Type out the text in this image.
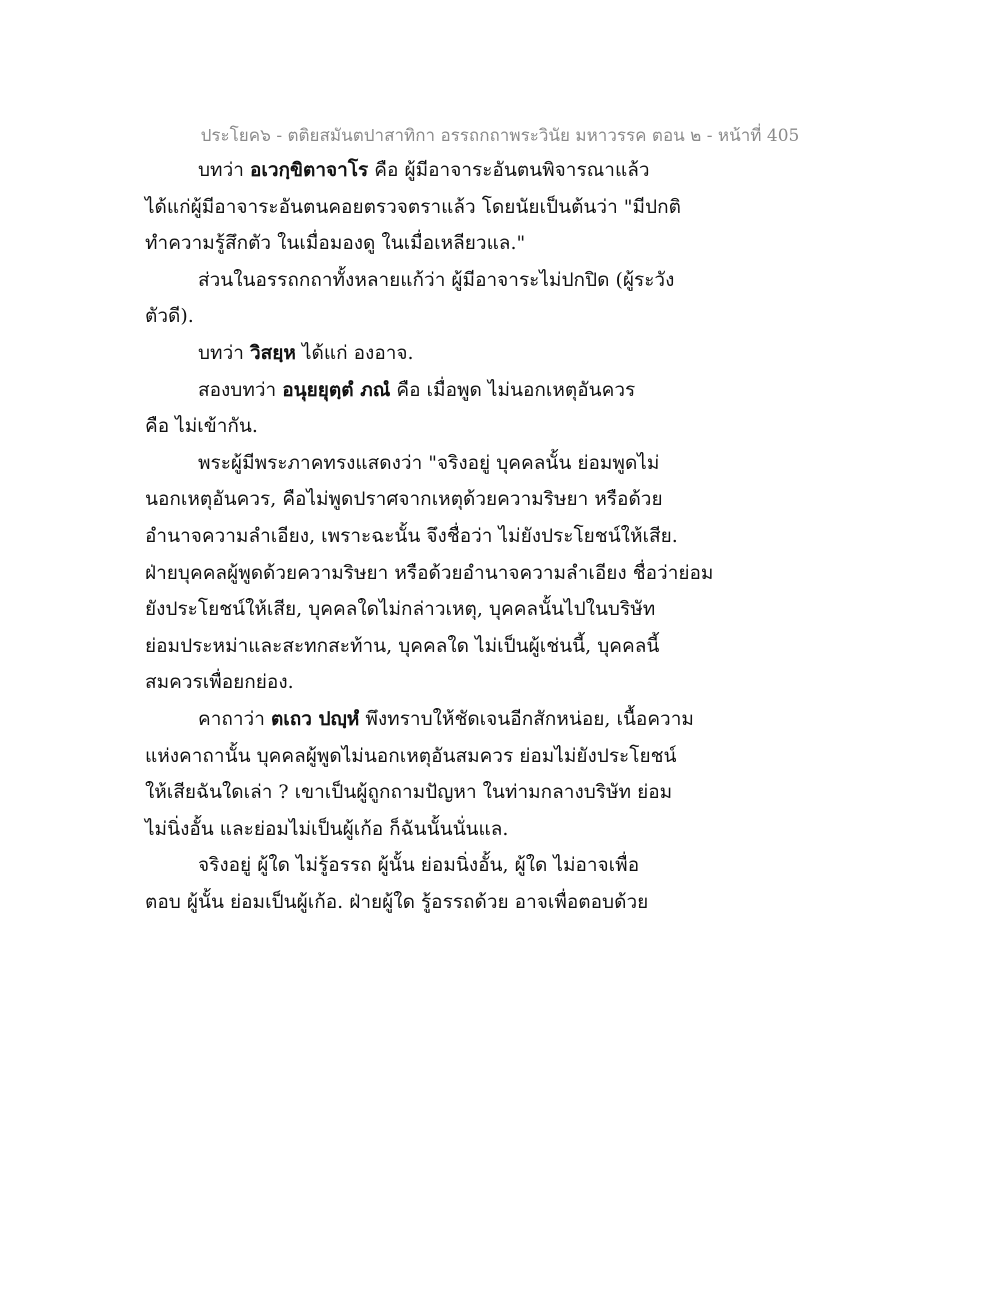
ประโยค๖ - ตติยสมันตปาสาทิกา อรรถกถาพระวินัย มหาวรรค ตอน ๒ - หน้าที่ 405
บทว่า อเวกฺขิตาจาโร คือ ผู้มีอาจาระอันตนพิจารณาแล้ว
ได้แก่ผู้มีอาจาระอันตนคอยตรวจตราแล้ว โดยนัยเป็นต้นว่า "มีปกติ
ทำความรู้สึกตัว ในเมื่อมองดู ในเมื่อเหลียวแล."
ส่วนในอรรถกถาทั้งหลายแก้ว่า ผู้มีอาจาระไม่ปกปิด (ผู้ระวัง
ตัวดี).
บทว่า วิสยฺห ได้แก่ องอาจ.
สองบทว่า อนุยยุตฺตํ ภณํ คือ เมื่อพูด ไม่นอกเหตุอันควร
คือ ไม่เข้ากัน.
พระผู้มีพระภาคทรงแสดงว่า "จริงอยู่ บุคคลนั้น ย่อมพูดไม่
นอกเหตุอันควร, คือไม่พูดปราศจากเหตุด้วยความริษยา หรือด้วย
อำนาจความลำเอียง, เพราะฉะนั้น จึงชื่อว่า ไม่ยังประโยชน์ให้เสีย.
ฝ่ายบุคคลผู้พูดด้วยความริษยา หรือด้วยอำนาจความลำเอียง ชื่อว่าย่อม
ยังประโยชน์ให้เสีย, บุคคลใดไม่กล่าวเหตุ, บุคคลนั้นไปในบริษัท
ย่อมประหม่าและสะทกสะท้าน, บุคคลใด ไม่เป็นผู้เช่นนี้, บุคคลนี้
สมควรเพื่อยกย่อง.
คาถาว่า ตเถว ปญฺหํ พึงทราบให้ชัดเจนอีกสักหน่อย, เนื้อความ
แห่งคาถานั้น บุคคลผู้พูดไม่นอกเหตุอันสมควร ย่อมไม่ยังประโยชน์
ให้เสียฉันใดเล่า ? เขาเป็นผู้ถูกถามปัญหา ในท่ามกลางบริษัท ย่อม
ไม่นิ่งอั้น และย่อมไม่เป็นผู้เก้อ ก็ฉันนั้นนั่นแล.
จริงอยู่ ผู้ใด ไม่รู้อรรถ ผู้นั้น ย่อมนิ่งอั้น, ผู้ใด ไม่อาจเพื่อ
ตอบ ผู้นั้น ย่อมเป็นผู้เก้อ. ฝ่ายผู้ใด รู้อรรถด้วย อาจเพื่อตอบด้วย
